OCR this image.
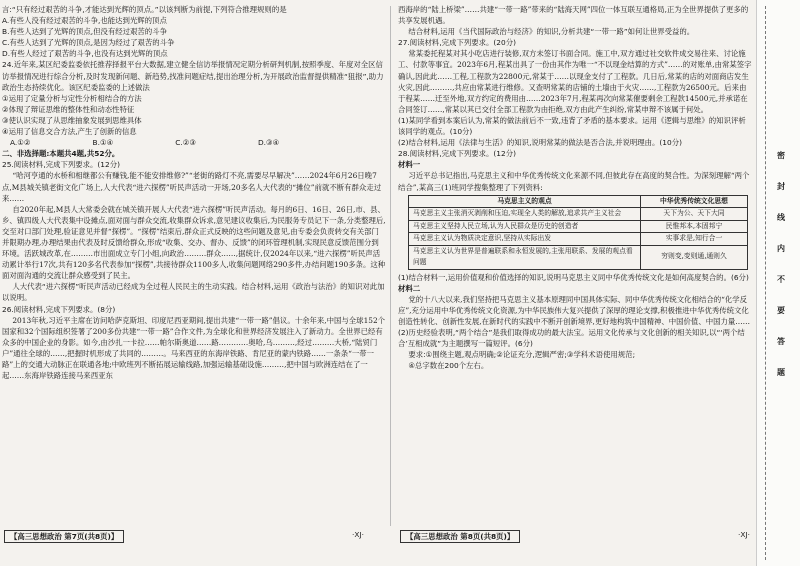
言:“只有经过艰苦的斗争,才能达到光辉的顶点。”以该判断为前提,下列符合推理规则的是

A.有些人没有经过艰苦的斗争,也能达到光辉的顶点

B.有些人达到了光辉的顶点,但没有经过艰苦的斗争

C.有些人达到了光辉的顶点,是因为经过了艰苦的斗争

D.有些人经过了艰苦的斗争,也没有达到光辉的顶点

24.近年来,某区纪委监委依托推荐择报平台大数据,建立健全信访举报情况定期分析研判机制,按照季度、年度对全区信访举报情况进行综合分析,及时发现新问题、新趋势,找准问题症结,提出治理分析,为开展政治监督提供精准“狙报”,助力政治生态持续优化。该区纪委监委的上述做法

①运用了定量分析与定性分析相结合的方法

②体现了辩证思维的整体性和动态性特征

③使认识实现了从思维抽象发展到思维具体

④运用了信息交合方法,产生了创新的信息

A.①②	B.①④	C.②③	D.③④

二、非选择题:本题共4题,共52分。

25.阅读材料,完成下列要求。(12分)

“哈河亨通的水桥和相继都公有赚钱,能不能安排维修?”“老街的路灯不亮,需要尽早解决”……2024年6月26日晚7点,M县城关镇老街文化广场上,人大代表“进六探楞”听民声活动一开场,20多名人大代表的“摊位”前就不断有群众走过来……

自2020年起,M县人大常委会就在城关镇开展人大代表“进六探楞”听民声活动。每月的6日、16日、26日,市、县、乡、镇四级人大代表集中设摊点,面对面与群众交流,收集群众诉求,意见建议收集后,为民服务专员记下一条,分类整理后,交至对口部门处理,验证意见并督“探楞”。“探楞”结束后,群众正式反映的这些问题及意见,由专委会负责转交有关部门并限期办理,办理结果由代表及时反馈给群众,形成“收集、交办、督办、反馈”的闭环管理机制,实现民意反馈范围分到环境。活跃城改革,在………市出面成立专门小组,向政治………群众……,据统计,仅2024年以来,“进六探楞”听民声活动累计举行17次,共有120多名代表参加“探楞”,共接待群众1100多人,收集问题网络290多件,办结问题190多条。这种面对面沟通的交流让群众感受到了民主。

人大代表“进六探楞”听民声活动已经成为全过程人民民主的生动实践。结合材料,运用《政治与法治》的知识对此加以说明。

26.阅读材料,完成下列要求。(8分)

2013年秋,习近平主席在访问哈萨克斯坦、印度尼西亚期间,提出共建“一带一路”倡议。十余年来,中国与全球152个国家和32个国际组织签署了200多份共建“一带一路”合作文件,为全球化和世界经济发展注入了新动力。全世界已经有众多的中国企业的身影。如今,由沙扎一卡拉……帕尔斯奥道……路…………奥哈,乌………,经过………大桥,“陆贸门户”通往全球的……,把握时机形成了共同的………。马来西亚的东海岸铁路、肯尼亚的蒙内铁路……一条条“一带一路”上的交通大动脉正在联通各地;中欧班列不断拓展运输线路,加强运输基础设施………,把中国与欧洲连结在了一起……东海岸铁路连接马来西亚东

【高三思想政治 第7页(共8页)】	·XJ·

西海岸的“陆上桥梁”……共建“一带一路”带来的“陆海天网”四位一体互联互通格局,正为全世界提供了更多的共享发展机遇。

结合材料,运用《当代国际政治与经济》的知识,分析共建“一带一路”如何让世界受益的。

27.阅读材料,完成下列要求。(20分)

常某委托程某对其小吃店进行装修,双方未签订书面合同。施工中,双方通过社交软件成交易往来、讨论施工、付款等事宜。2023年6月,程某出具了一份由其作为唯一“不以现金结算的方式”……的对账单,由常某签字确认,因此此……工程,工程款为22800元,常某于……以现金支付了工程款。几日后,常某的店的对面商店发生火灾,因此………,共应由常某进行维修。又查明常某的店铺的土墙由于火灾……,工程款为26500元。后来由于程某……迁至外地,双方约定的费用由……2023年7月,程某再次向常某催要剩余工程款14500元,并承诺在合同签订……,常某以其已交付全部工程款为由拒绝,双方由此产生纠纷,常某申辩不该属于何处。

(1)某同学看到本案后认为,常某的做法前后不一致,违背了矛盾的基本要求。运用《逻辑与思维》的知识评析该同学的观点。(10分)

(2)结合材料,运用《法律与生活》的知识,说明常某的做法是否合法,并说明理由。(10分)

28.阅读材料,完成下列要求。(12分)

材料一

习近平总书记指出,马克思主义和中华优秀传统文化来源不同,但彼此存在高度的契合性。为深刻理解“两个结合”,某高三(1)班同学搜集整理了下列资料:

马克思主义的观点	中华优秀传统文化思想
马克思主义主张消灭剥削和压迫,实现全人类的解放,追求共产主义社会	天下为公、天下大同
马克思主义坚持人民立场,认为人民群众是历史的创造者	民惟邦本,本固邦宁
马克思主义认为物质决定意识,坚持从实际出发	实事求是,知行合一
马克思主义认为世界是普遍联系和永恒发展的,主张用联系、发展的观点看问题	穷则变,变则通,通则久

(1)结合材料一,运用价值观和价值选择的知识,说明马克思主义同中华优秀传统文化是如何高度契合的。(6分)

材料二

党的十八大以来,我们坚持把马克思主义基本原理同中国具体实际、同中华优秀传统文化相结合的“化学反应”,充分运用中华优秀传统文化资源,为中华民族伟大复兴提供了深厚的理论支撑,积极推进中华优秀传统文化创造性转化、创新性发展,在新时代的实践中不断开创新境界,更好地构筑中国精神、中国价值、中国力量……

(2)历史经验表明,“两个结合”是我们取得成功的最大法宝。运用文化传承与文化创新的相关知识,以“‘两个结合’互相成就”为主题撰写一篇短评。(6分)

要求:①围绕主题,观点明确;②论证充分,逻辑严密;③学科术语使用规范;

④总字数在200个左右。

【高三思想政治 第8页(共8页)】	·XJ·
密
封
线
内
不
要
答
题
